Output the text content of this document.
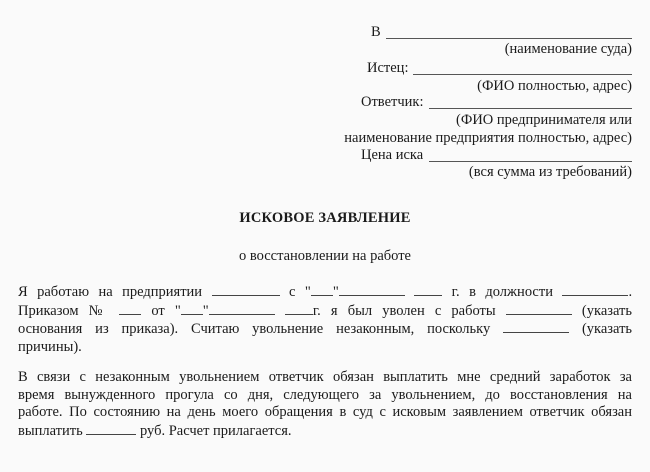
В
(наименование суда)
Истец:
(ФИО полностью, адрес)
Ответчик:
(ФИО предпринимателя или
наименование предприятия полностью, адрес)
Цена иска
(вся сумма из требований)
ИСКОВОЕ ЗАЯВЛЕНИЕ
о восстановлении на работе
Я работаю на предприятии	с " "	г. в должности	.
Приказом №	от " "	г. я был уволен с работы	(указать
основания из приказа). Считаю увольнение незаконным, поскольку	(указать
причины).
В связи с незаконным увольнением ответчик обязан выплатить мне средний заработок за
время вынужденного прогула со дня, следующего за увольнением, до восстановления на
работе. По состоянию на день моего обращения в суд с исковым заявлением ответчик обязан
выплатить	руб. Расчет прилагается.
